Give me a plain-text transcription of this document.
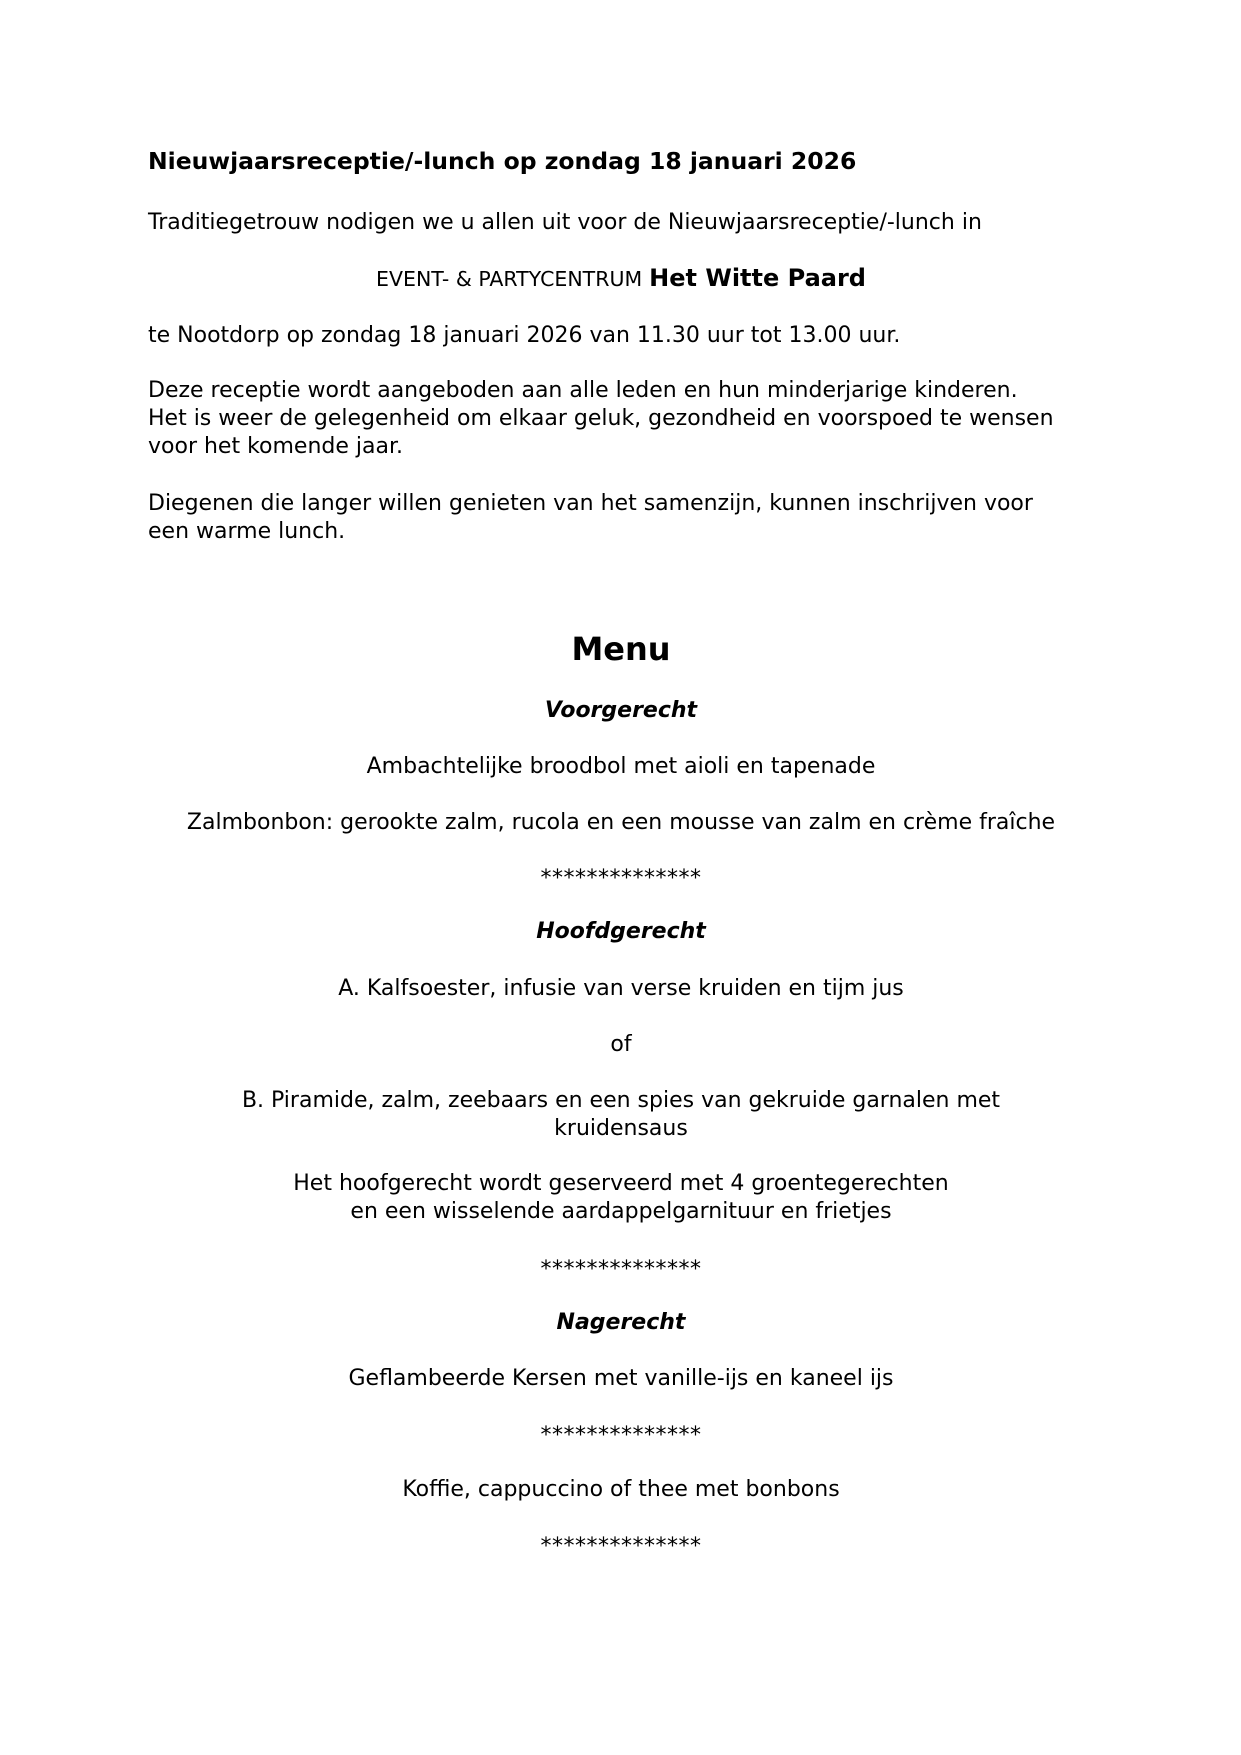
Nieuwjaarsreceptie/-lunch op zondag 18 januari 2026

Traditiegetrouw nodigen we u allen uit voor de Nieuwjaarsreceptie/-lunch in

EVENT- & PARTYCENTRUM Het Witte Paard

te Nootdorp op zondag 18 januari 2026 van 11.30 uur tot 13.00 uur.

Deze receptie wordt aangeboden aan alle leden en hun minderjarige kinderen.
Het is weer de gelegenheid om elkaar geluk, gezondheid en voorspoed te wensen
voor het komende jaar.

Diegenen die langer willen genieten van het samenzijn, kunnen inschrijven voor
een warme lunch.

Menu

Voorgerecht

Ambachtelijke broodbol met aioli en tapenade

Zalmbonbon: gerookte zalm, rucola en een mousse van zalm en crème fraîche

**************

Hoofdgerecht

A. Kalfsoester, infusie van verse kruiden en tijm jus

of

B. Piramide, zalm, zeebaars en een spies van gekruide garnalen met
kruidensaus

Het hoofgerecht wordt geserveerd met 4 groentegerechten
en een wisselende aardappelgarnituur en frietjes

**************

Nagerecht

Geflambeerde Kersen met vanille-ijs en kaneel ijs

**************

Koffie, cappuccino of thee met bonbons

**************
